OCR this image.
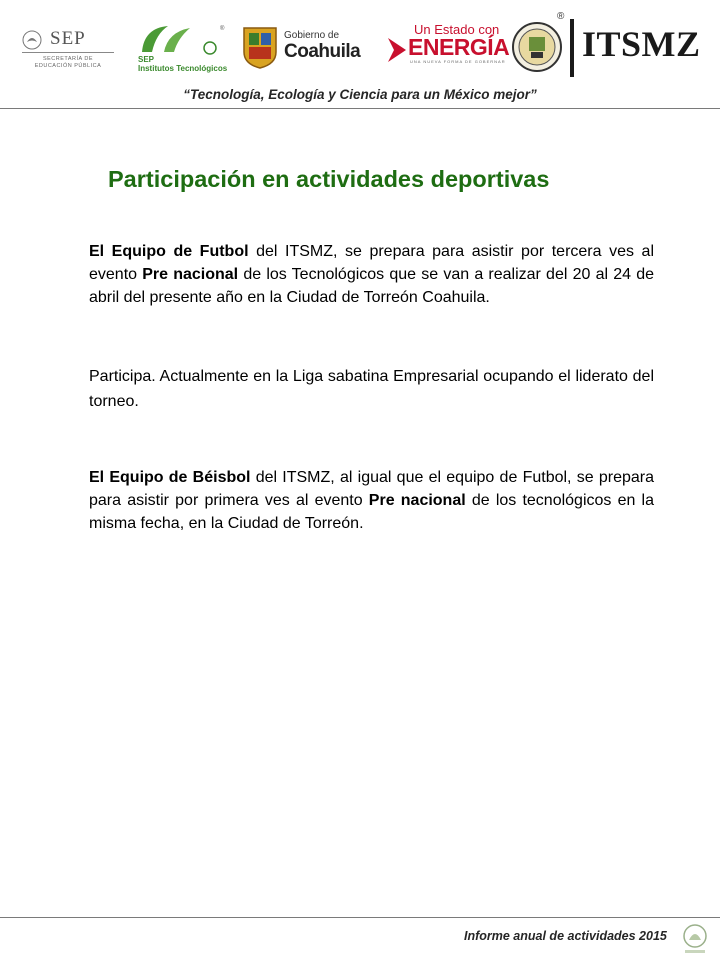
SEP
SECRETARÍA DE
EDUCACIÓN PÚBLICA
®
SEP
Institutos Tecnológicos
Gobierno de
Coahuila
Un Estado con
ENERGÍA
UNA NUEVA FORMA DE GOBERNAR
®
ITSMZ
“Tecnología, Ecología y Ciencia para un México mejor”
Participación en actividades deportivas

El Equipo de Futbol del ITSMZ, se prepara para asistir por tercera ves al evento Pre nacional de los Tecnológicos que se van a realizar del 20 al 24 de abril del presente año en la Ciudad de Torreón Coahuila.

Participa. Actualmente en la Liga sabatina Empresarial ocupando el liderato del torneo.

El Equipo de Béisbol del ITSMZ, al igual que el equipo de Futbol, se prepara para asistir por primera ves al evento Pre nacional de los tecnológicos en la misma fecha, en la Ciudad de Torreón.

Informe anual de actividades 2015
